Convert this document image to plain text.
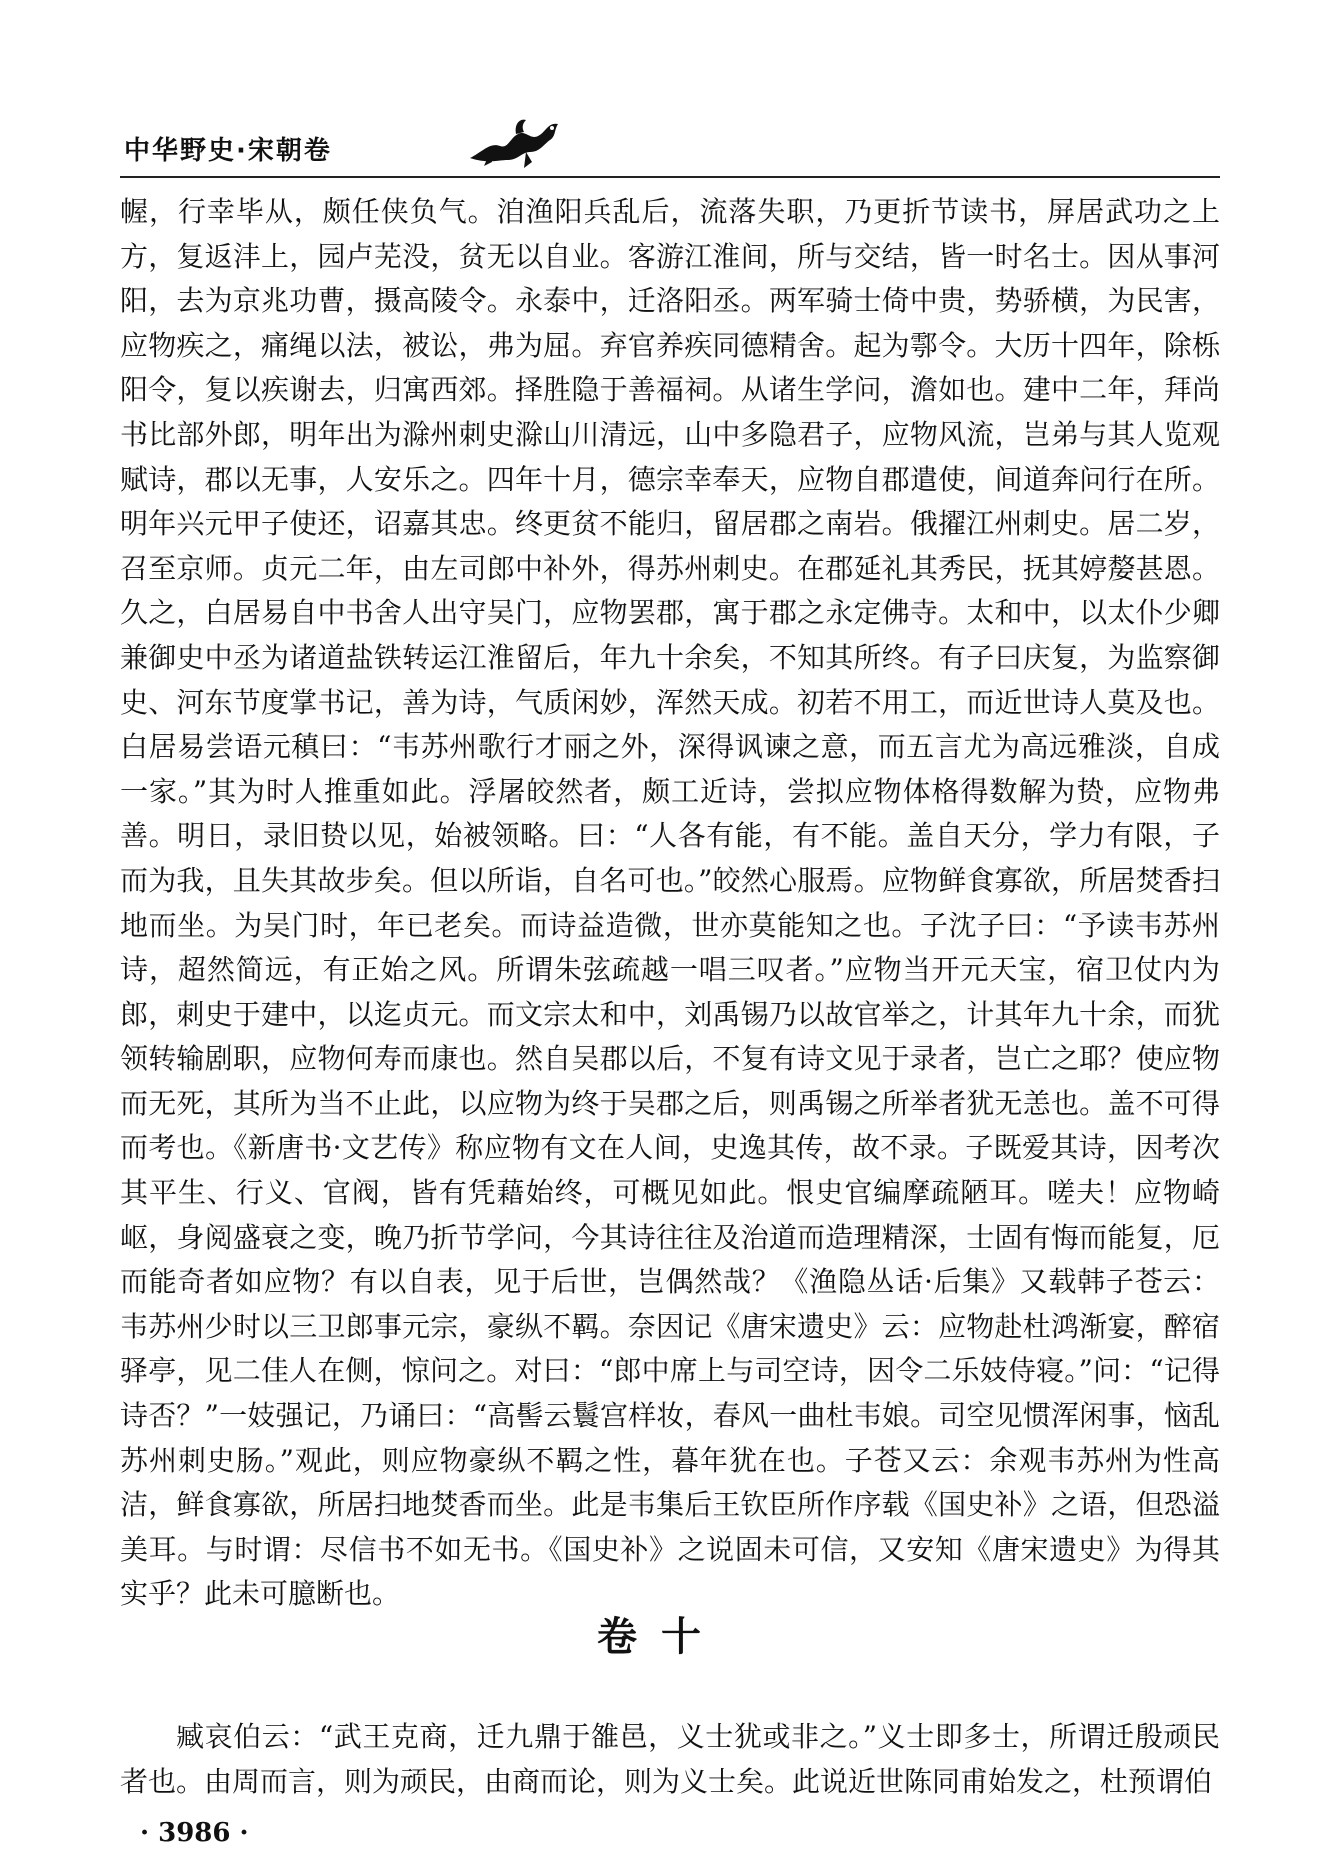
中华野史·宋朝卷

幄，行幸毕从，颇任侠负气。洎渔阳兵乱后，流落失职，乃更折节读书，屏居武功之上方，复返沣上，园卢芜没，贫无以自业。客游江淮间，所与交结，皆一时名士。因从事河阳，去为京兆功曹，摄高陵令。永泰中，迁洛阳丞。两军骑士倚中贵，势骄横，为民害，应物疾之，痛绳以法，被讼，弗为屈。弃官养疾同德精舍。起为鄠令。大历十四年，除栎阳令，复以疾谢去，归寓西郊。择胜隐于善福祠。从诸生学问，澹如也。建中二年，拜尚书比部外郎，明年出为滁州刺史滁山川清远，山中多隐君子，应物风流，岂弟与其人览观赋诗，郡以无事，人安乐之。四年十月，德宗幸奉天，应物自郡遣使，间道奔问行在所。明年兴元甲子使还，诏嘉其忠。终更贫不能归，留居郡之南岩。俄擢江州刺史。居二岁，召至京师。贞元二年，由左司郎中补外，得苏州刺史。在郡延礼其秀民，抚其婷嫠甚恩。久之，白居易自中书舍人出守吴门，应物罢郡，寓于郡之永定佛寺。太和中，以太仆少卿兼御史中丞为诸道盐铁转运江淮留后，年九十余矣，不知其所终。有子曰庆复，为监察御史、河东节度掌书记，善为诗，气质闲妙，浑然天成。初若不用工，而近世诗人莫及也。白居易尝语元稹曰：“韦苏州歌行才丽之外，深得讽谏之意，而五言尤为高远雅淡，自成一家。”其为时人推重如此。浮屠皎然者，颇工近诗，尝拟应物体格得数解为贽，应物弗善。明日，录旧贽以见，始被领略。曰：“人各有能，有不能。盖自天分，学力有限，子而为我，且失其故步矣。但以所诣，自名可也。”皎然心服焉。应物鲜食寡欲，所居焚香扫地而坐。为吴门时，年已老矣。而诗益造微，世亦莫能知之也。子沈子曰：“予读韦苏州诗，超然简远，有正始之风。所谓朱弦疏越一唱三叹者。”应物当开元天宝，宿卫仗内为郎，刺史于建中，以迄贞元。而文宗太和中，刘禹锡乃以故官举之，计其年九十余，而犹领转输剧职，应物何寿而康也。然自吴郡以后，不复有诗文见于录者，岂亡之耶？使应物而无死，其所为当不止此，以应物为终于吴郡之后，则禹锡之所举者犹无恙也。盖不可得而考也。《新唐书·文艺传》称应物有文在人间，史逸其传，故不录。子既爱其诗，因考次其平生、行义、官阀，皆有凭藉始终，可概见如此。恨史官编摩疏陋耳。嗟夫！应物崎岖，身阅盛衰之变，晚乃折节学问，今其诗往往及治道而造理精深，士固有悔而能复，厄而能奇者如应物？有以自表，见于后世，岂偶然哉？《渔隐丛话·后集》又载韩子苍云：韦苏州少时以三卫郎事元宗，豪纵不羁。奈因记《唐宋遗史》云：应物赴杜鸿渐宴，醉宿驿亭，见二佳人在侧，惊问之。对曰：“郎中席上与司空诗，因令二乐妓侍寝。”问：“记得诗否？”一妓强记，乃诵曰：“高髻云鬟宫样妆，春风一曲杜韦娘。司空见惯浑闲事，恼乱苏州刺史肠。”观此，则应物豪纵不羁之性，暮年犹在也。子苍又云：余观韦苏州为性高洁，鲜食寡欲，所居扫地焚香而坐。此是韦集后王钦臣所作序载《国史补》之语，但恐溢美耳。与时谓：尽信书不如无书。《国史补》之说固未可信，又安知《唐宋遗史》为得其实乎？此未可臆断也。

卷十

臧哀伯云：“武王克商，迁九鼎于雒邑，义士犹或非之。”义士即多士，所谓迁殷顽民者也。由周而言，则为顽民，由商而论，则为义士矣。此说近世陈同甫始发之，杜预谓伯

· 3986 ·
